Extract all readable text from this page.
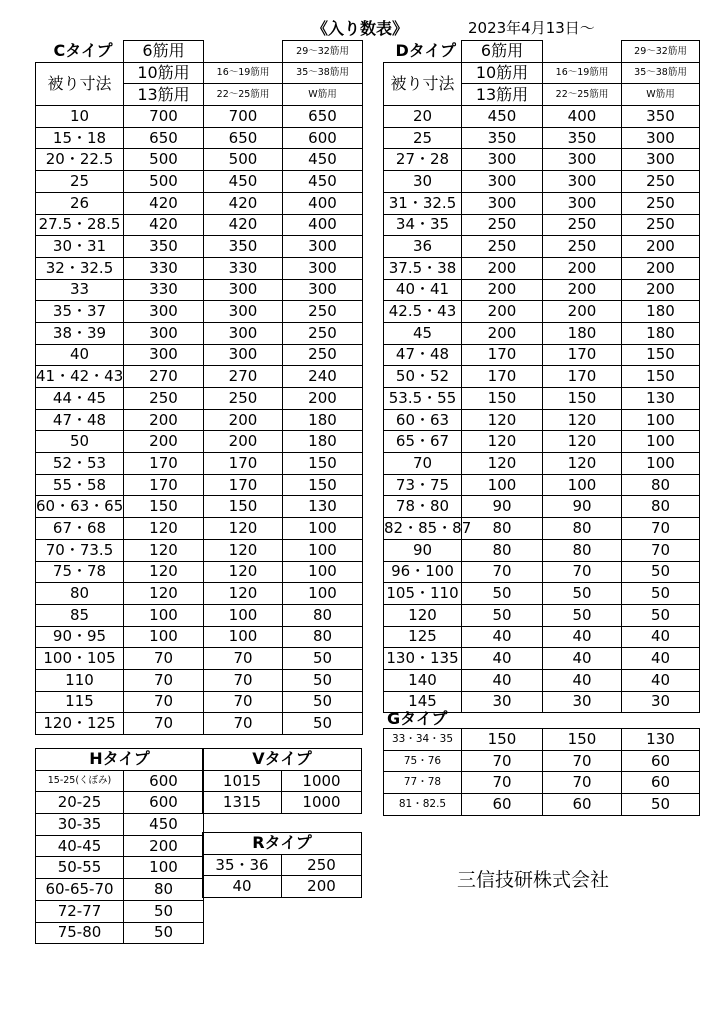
《入り数表》	2023年4月13日～
Cタイプ	6筋用		29～32筋用
被り寸法	10筋用	16～19筋用	35～38筋用
	13筋用	22～25筋用	W筋用
10	700	700	650
15・18	650	650	600
20・22.5	500	500	450
25	500	450	450
26	420	420	400
27.5・28.5	420	420	400
30・31	350	350	300
32・32.5	330	330	300
33	330	300	300
35・37	300	300	250
38・39	300	300	250
40	300	300	250
41・42・43	270	270	240
44・45	250	250	200
47・48	200	200	180
50	200	200	180
52・53	170	170	150
55・58	170	170	150
60・63・65	150	150	130
67・68	120	120	100
70・73.5	120	120	100
75・78	120	120	100
80	120	120	100
85	100	100	80
90・95	100	100	80
100・105	70	70	50
110	70	70	50
115	70	70	50
120・125	70	70	50
Dタイプ	6筋用		29～32筋用
被り寸法	10筋用	16～19筋用	35～38筋用
	13筋用	22～25筋用	W筋用
20	450	400	350
25	350	350	300
27・28	300	300	300
30	300	300	250
31・32.5	300	300	250
34・35	250	250	250
36	250	250	200
37.5・38	200	200	200
40・41	200	200	200
42.5・43	200	200	180
45	200	180	180
47・48	170	170	150
50・52	170	170	150
53.5・55	150	150	130
60・63	120	120	100
65・67	120	120	100
70	120	120	100
73・75	100	100	80
78・80	90	90	80
82・85・87	80	80	70
90	80	80	70
96・100	70	70	50
105・110	50	50	50
120	50	50	50
125	40	40	40
130・135	40	40	40
140	40	40	40
145	30	30	30
Gタイプ
33・34・35	150	150	130
75・76	70	70	60
77・78	70	70	60
81・82.5	60	60	50
Hタイプ	
15-25(くぼみ)	600
20-25	600
30-35	450
40-45	200
50-55	100
60-65-70	80
72-77	50
75-80	50
Vタイプ	
1015	1000
1315	1000
Rタイプ	
35・36	250
40	200	三信技研株式会社
